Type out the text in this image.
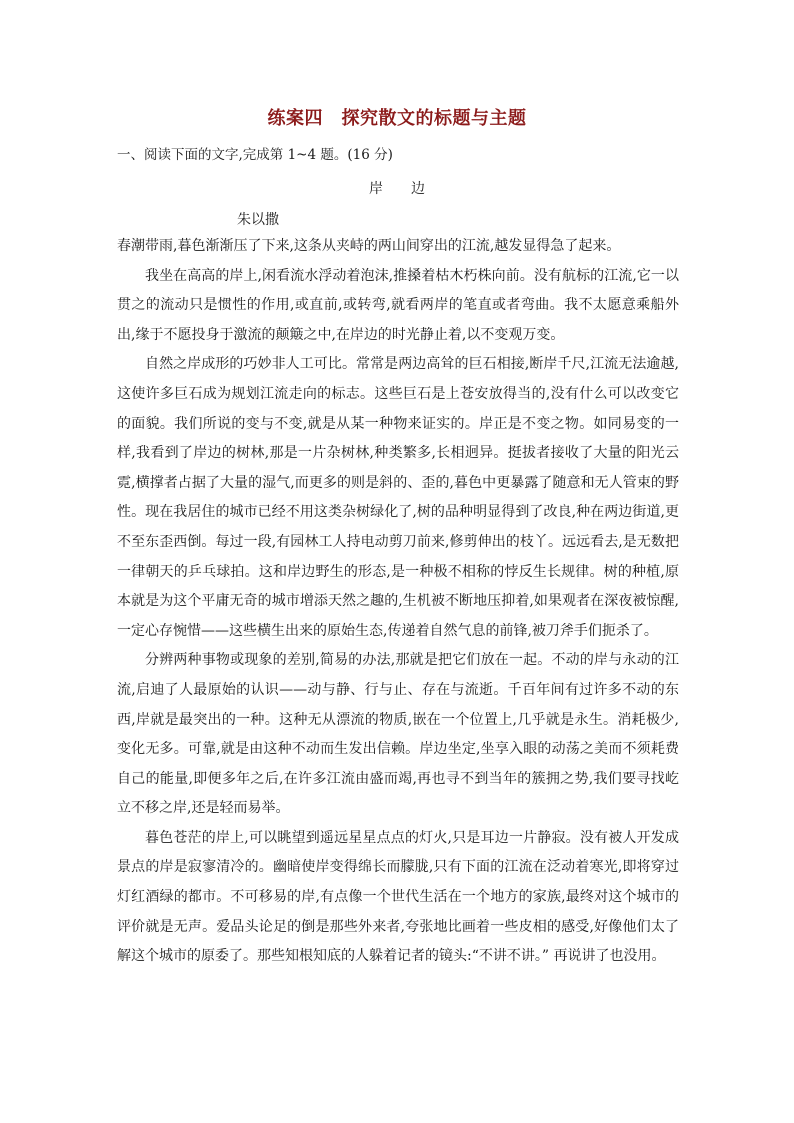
练案四　探究散文的标题与主题
一、阅读下面的文字,完成第 1~4 题。(16 分)
岸　　边
朱以撒

春潮带雨,暮色渐渐压了下来,这条从夹峙的两山间穿出的江流,越发显得急了起来。

我坐在高高的岸上,闲看流水浮动着泡沫,推搡着枯木朽株向前。没有航标的江流,它一以贯之的流动只是惯性的作用,或直前,或转弯,就看两岸的笔直或者弯曲。我不太愿意乘船外出,缘于不愿投身于激流的颠簸之中,在岸边的时光静止着,以不变观万变。

自然之岸成形的巧妙非人工可比。常常是两边高耸的巨石相接,断岸千尺,江流无法逾越,这使许多巨石成为规划江流走向的标志。这些巨石是上苍安放得当的,没有什么可以改变它的面貌。我们所说的变与不变,就是从某一种物来证实的。岸正是不变之物。如同易变的一样,我看到了岸边的树林,那是一片杂树林,种类繁多,长相迥异。挺拔者接收了大量的阳光云霓,横撑者占据了大量的湿气,而更多的则是斜的、歪的,暮色中更暴露了随意和无人管束的野性。现在我居住的城市已经不用这类杂树绿化了,树的品种明显得到了改良,种在两边街道,更不至东歪西倒。每过一段,有园林工人持电动剪刀前来,修剪伸出的枝丫。远远看去,是无数把一律朝天的乒乓球拍。这和岸边野生的形态,是一种极不相称的悖反生长规律。树的种植,原本就是为这个平庸无奇的城市增添天然之趣的,生机被不断地压抑着,如果观者在深夜被惊醒,一定心存惋惜——这些横生出来的原始生态,传递着自然气息的前锋,被刀斧手们扼杀了。

分辨两种事物或现象的差别,简易的办法,那就是把它们放在一起。不动的岸与永动的江流,启迪了人最原始的认识——动与静、行与止、存在与流逝。千百年间有过许多不动的东西,岸就是最突出的一种。这种无从漂流的物质,嵌在一个位置上,几乎就是永生。消耗极少,变化无多。可靠,就是由这种不动而生发出信赖。岸边坐定,坐享入眼的动荡之美而不须耗费自己的能量,即便多年之后,在许多江流由盛而竭,再也寻不到当年的簇拥之势,我们要寻找屹立不移之岸,还是轻而易举。

暮色苍茫的岸上,可以眺望到遥远星星点点的灯火,只是耳边一片静寂。没有被人开发成景点的岸是寂寥清冷的。幽暗使岸变得绵长而朦胧,只有下面的江流在泛动着寒光,即将穿过灯红酒绿的都市。不可移易的岸,有点像一个世代生活在一个地方的家族,最终对这个城市的评价就是无声。爱品头论足的倒是那些外来者,夸张地比画着一些皮相的感受,好像他们太了解这个城市的原委了。那些知根知底的人躲着记者的镜头:“不讲不讲。” 再说讲了也没用。
